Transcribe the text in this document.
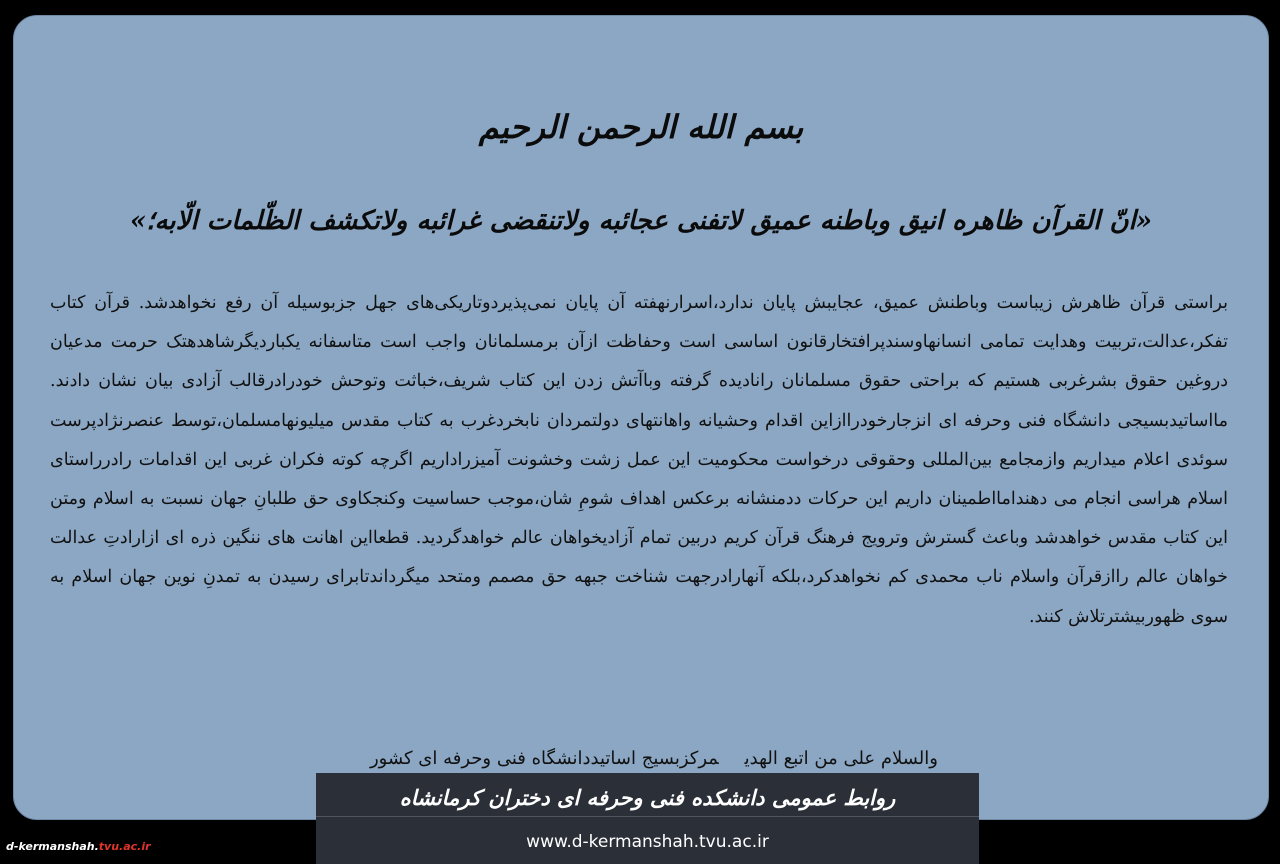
بسم الله الرحمن الرحیم
«انّ القرآن ظاهره انیق وباطنه عمیق لاتفنی عجائبه ولاتنقضی غرائبه ولاتکشف الظّلمات الّابه؛»
براستی قرآن ظاهرش زیباست وباطنش عمیق، عجایبش پایان ندارد،اسرارنهفته آن پایان نمی‌پذیردوتاریکی‌های جهل جزبوسیله آن رفع نخواهدشد. قرآن کتاب تفکر،عدالت،تربیت وهدایت تمامی انسانهاوسندپرافتخارقانون اساسی است وحفاظت ازآن برمسلمانان واجب است متاسفانه یکباردیگرشاهدهتک حرمت مدعیان دروغین حقوق بشرغربی هستیم که براحتی حقوق مسلمانان رانادیده گرفته وباآتش زدن این کتاب شریف،خباثت وتوحش خودرادرقالب آزادی بیان نشان دادند. مااساتیدبسیجی دانشگاه فنی وحرفه ای انزجارخودراازاین اقدام وحشیانه واهانتهای دولتمردان نابخردغرب به کتاب مقدس میلیونهامسلمان،توسط عنصرنژادپرست سوئدی اعلام میداریم وازمجامع بین‌المللی وحقوقی درخواست محکومیت این عمل زشت وخشونت آمیزراداریم اگرچه کوته فکران غربی این اقدامات رادرراستای اسلام هراسی انجام می دهندامااطمینان داریم این حرکات ددمنشانه برعکس اهداف شومِ شان،موجب حساسیت وکنجکاوی حق طلبانِ جهان نسبت به اسلام ومتن این کتاب مقدس خواهدشد وباعث گسترش وترویج فرهنگ قرآن کریم دربین تمام آزادیخواهان عالم خواهدگردید. قطعااین اهانت های ننگین ذره ای ازارادتِ عدالت خواهان عالم راازقرآن واسلام ناب محمدی کم نخواهدکرد،بلکه آنهارادرجهت شناخت جبهه حق مصمم ومتحد میگرداندتابرای رسیدن به تمدنِ نوین جهان اسلام به سوی ظهوربیشترتلاش کنند.
والسلام علی من اتبع الهدیمرکزبسیج اساتیددانشگاه فنی وحرفه ای کشور
روابط عمومی دانشکده فنی وحرفه ای دختران کرمانشاه
www.d-kermanshah.tvu.ac.ir
d-kermanshah.tvu.ac.ir
